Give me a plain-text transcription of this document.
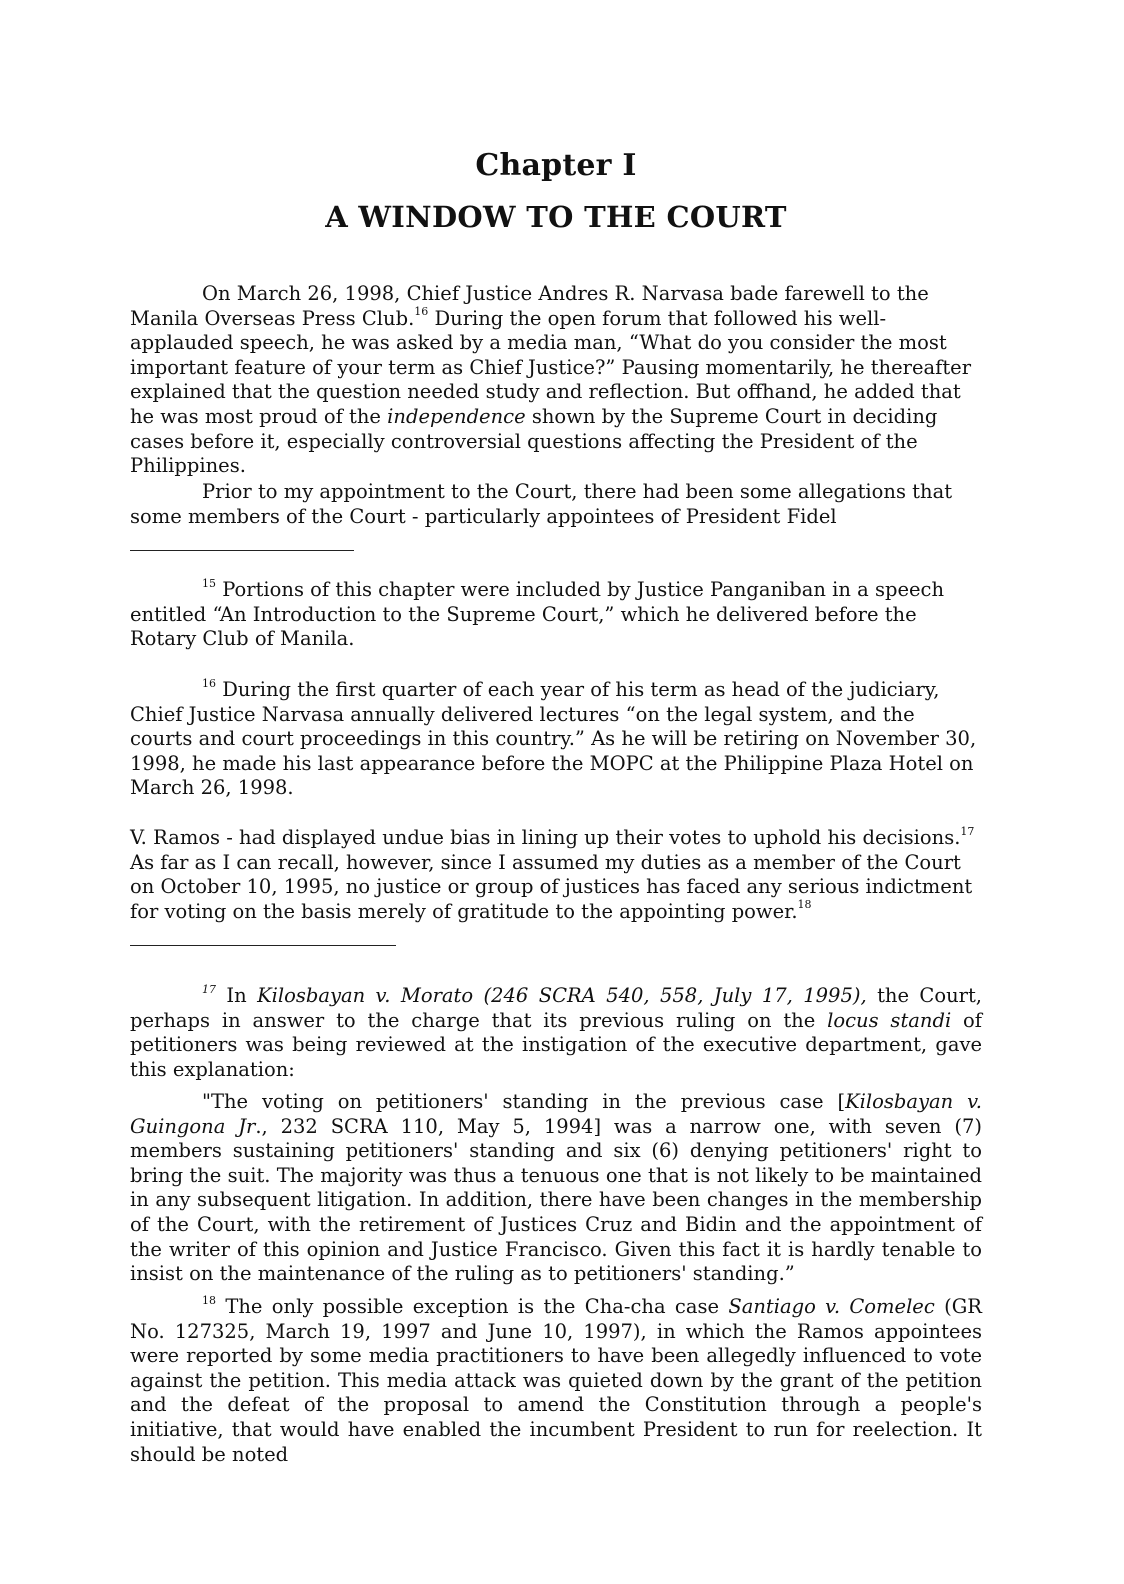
Chapter I
A WINDOW TO THE COURT

On March 26, 1998, Chief Justice Andres R. Narvasa bade farewell to the Manila Overseas Press Club.$^{16}$ During the open forum that followed his well-applauded speech, he was asked by a media man, “What do you consider the most important feature of your term as Chief Justice?” Pausing momentarily, he thereafter explained that the question needed study and reflection. But offhand, he added that he was most proud of the independence shown by the Supreme Court in deciding cases before it, especially controversial questions affecting the President of the Philippines.

Prior to my appointment to the Court, there had been some allegations that some members of the Court - particularly appointees of President Fidel

$^{15}$ Portions of this chapter were included by Justice Panganiban in a speech entitled “An Introduction to the Supreme Court,” which he delivered before the Rotary Club of Manila.

$^{16}$ During the first quarter of each year of his term as head of the judiciary, Chief Justice Narvasa annually delivered lectures “on the legal system, and the courts and court proceedings in this country.” As he will be retiring on November 30, 1998, he made his last appearance before the MOPC at the Philippine Plaza Hotel on March 26, 1998.

V. Ramos - had displayed undue bias in lining up their votes to uphold his decisions.$^{17}$ As far as I can recall, however, since I assumed my duties as a member of the Court on October 10, 1995, no justice or group of justices has faced any serious indictment for voting on the basis merely of gratitude to the appointing power.$^{18}$

$^{17}$ In Kilosbayan v. Morato (246 SCRA 540, 558, July 17, 1995), the Court, perhaps in answer to the charge that its previous ruling on the locus standi of petitioners was being reviewed at the instigation of the executive department, gave this explanation:

"The voting on petitioners' standing in the previous case [Kilosbayan v. Guingona Jr., 232 SCRA 110, May 5, 1994] was a narrow one, with seven (7) members sustaining petitioners' standing and six (6) denying petitioners' right to bring the suit. The majority was thus a tenuous one that is not likely to be maintained in any subsequent litigation. In addition, there have been changes in the membership of the Court, with the retirement of Justices Cruz and Bidin and the appointment of the writer of this opinion and Justice Francisco. Given this fact it is hardly tenable to insist on the maintenance of the ruling as to petitioners' standing.”

$^{18}$ The only possible exception is the Cha-cha case Santiago v. Comelec (GR No. 127325, March 19, 1997 and June 10, 1997), in which the Ramos appointees were reported by some media practitioners to have been allegedly influenced to vote against the petition. This media attack was quieted down by the grant of the petition and the defeat of the proposal to amend the Constitution through a people's initiative, that would have enabled the incumbent President to run for reelection. It should be noted
